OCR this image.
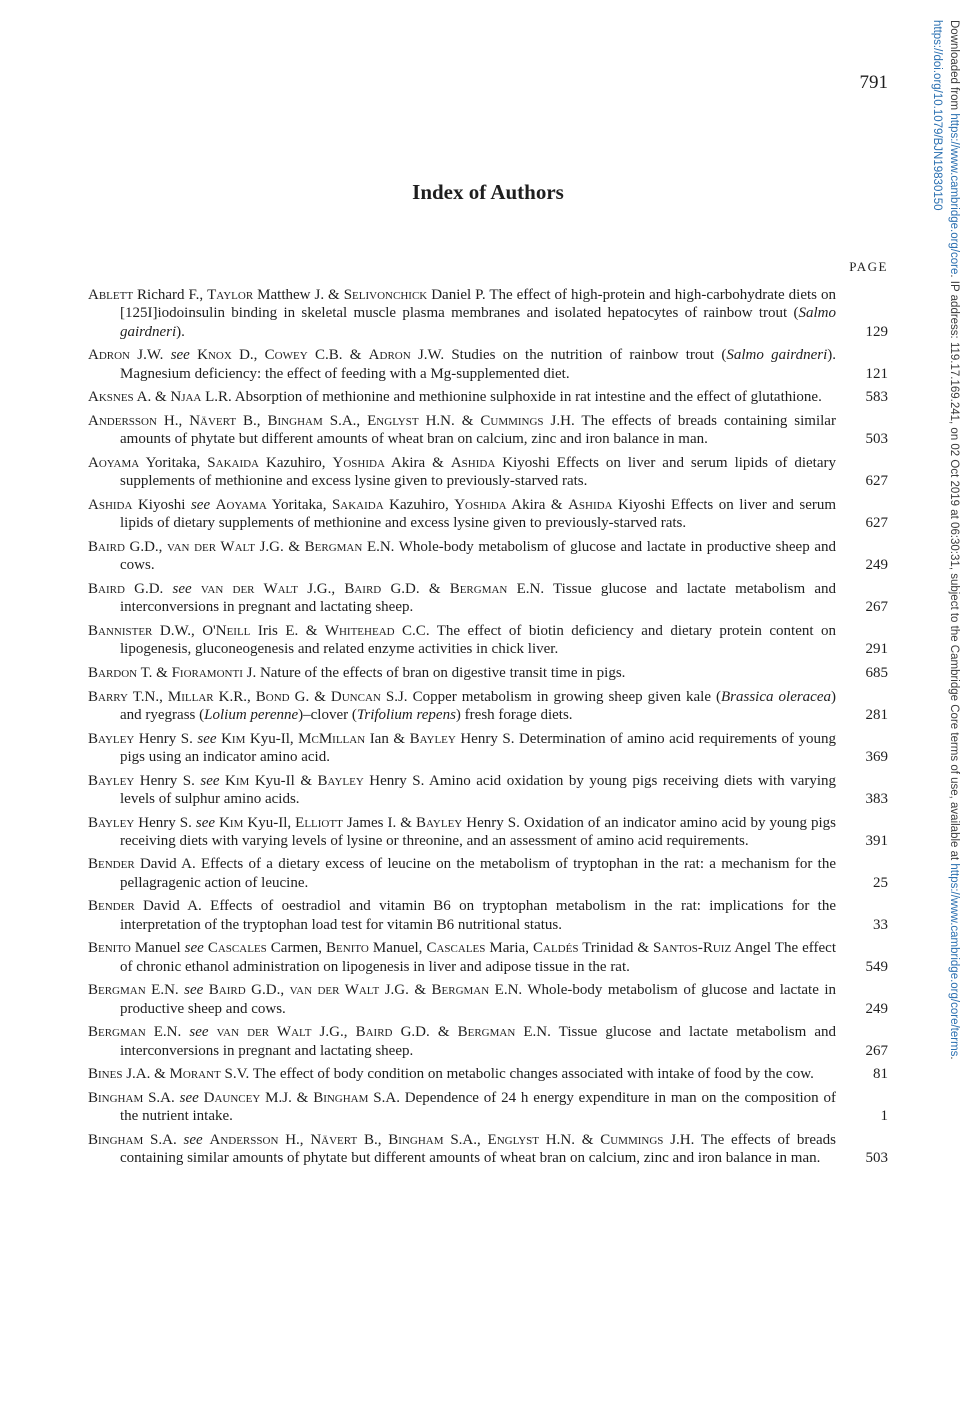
791
Index of Authors
PAGE
Ablett Richard F., Taylor Matthew J. & Selivonchick Daniel P. The effect of high-protein and high-carbohydrate diets on [125I]iodoinsulin binding in skeletal muscle plasma membranes and isolated hepatocytes of rainbow trout (Salmo gairdneri).	129
Adron J.W. see Knox D., Cowey C.B. & Adron J.W. Studies on the nutrition of rainbow trout (Salmo gairdneri). Magnesium deficiency: the effect of feeding with a Mg-supplemented diet.	121
Aksnes A. & Njaa L.R. Absorption of methionine and methionine sulphoxide in rat intestine and the effect of glutathione.	583
Andersson H., Nävert B., Bingham S.A., Englyst H.N. & Cummings J.H. The effects of breads containing similar amounts of phytate but different amounts of wheat bran on calcium, zinc and iron balance in man.	503
Aoyama Yoritaka, Sakaida Kazuhiro, Yoshida Akira & Ashida Kiyoshi Effects on liver and serum lipids of dietary supplements of methionine and excess lysine given to previously-starved rats.	627
Ashida Kiyoshi see Aoyama Yoritaka, Sakaida Kazuhiro, Yoshida Akira & Ashida Kiyoshi Effects on liver and serum lipids of dietary supplements of methionine and excess lysine given to previously-starved rats.	627
Baird G.D., van der Walt J.G. & Bergman E.N. Whole-body metabolism of glucose and lactate in productive sheep and cows.	249
Baird G.D. see van der Walt J.G., Baird G.D. & Bergman E.N. Tissue glucose and lactate metabolism and interconversions in pregnant and lactating sheep.	267
Bannister D.W., O'Neill Iris E. & Whitehead C.C. The effect of biotin deficiency and dietary protein content on lipogenesis, gluconeogenesis and related enzyme activities in chick liver.	291
Bardon T. & Fioramonti J. Nature of the effects of bran on digestive transit time in pigs.	685
Barry T.N., Millar K.R., Bond G. & Duncan S.J. Copper metabolism in growing sheep given kale (Brassica oleracea) and ryegrass (Lolium perenne)–clover (Trifolium repens) fresh forage diets.	281
Bayley Henry S. see Kim Kyu-Il, McMillan Ian & Bayley Henry S. Determination of amino acid requirements of young pigs using an indicator amino acid.	369
Bayley Henry S. see Kim Kyu-Il & Bayley Henry S. Amino acid oxidation by young pigs receiving diets with varying levels of sulphur amino acids.	383
Bayley Henry S. see Kim Kyu-Il, Elliott James I. & Bayley Henry S. Oxidation of an indicator amino acid by young pigs receiving diets with varying levels of lysine or threonine, and an assessment of amino acid requirements.	391
Bender David A. Effects of a dietary excess of leucine on the metabolism of tryptophan in the rat: a mechanism for the pellagragenic action of leucine.	25
Bender David A. Effects of oestradiol and vitamin B6 on tryptophan metabolism in the rat: implications for the interpretation of the tryptophan load test for vitamin B6 nutritional status.	33
Benito Manuel see Cascales Carmen, Benito Manuel, Cascales Maria, Caldés Trinidad & Santos-Ruiz Angel The effect of chronic ethanol administration on lipogenesis in liver and adipose tissue in the rat.	549
Bergman E.N. see Baird G.D., van der Walt J.G. & Bergman E.N. Whole-body metabolism of glucose and lactate in productive sheep and cows.	249
Bergman E.N. see van der Walt J.G., Baird G.D. & Bergman E.N. Tissue glucose and lactate metabolism and interconversions in pregnant and lactating sheep.	267
Bines J.A. & Morant S.V. The effect of body condition on metabolic changes associated with intake of food by the cow.	81
Bingham S.A. see Dauncey M.J. & Bingham S.A. Dependence of 24 h energy expenditure in man on the composition of the nutrient intake.	1
Bingham S.A. see Andersson H., Nävert B., Bingham S.A., Englyst H.N. & Cummings J.H. The effects of breads containing similar amounts of phytate but different amounts of wheat bran on calcium, zinc and iron balance in man.	503
Downloaded from https://www.cambridge.org/core. IP address: 119.17.169.241, on 02 Oct 2019 at 06:30:31, subject to the Cambridge Core terms of use, available at https://www.cambridge.org/core/terms.
https://doi.org/10.1079/BJN19830150
